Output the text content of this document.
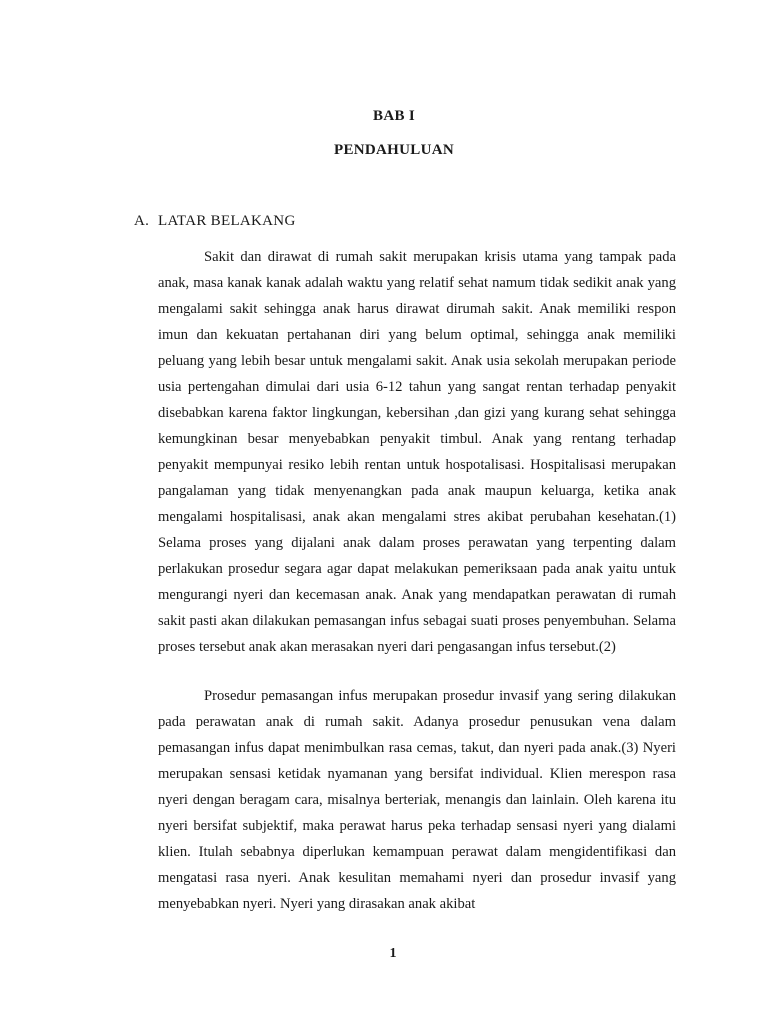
BAB I
PENDAHULUAN
A. LATAR BELAKANG

Sakit dan dirawat di rumah sakit merupakan krisis utama yang tampak pada anak, masa kanak kanak adalah waktu yang relatif sehat namum tidak sedikit anak yang mengalami sakit sehingga anak harus dirawat dirumah sakit. Anak memiliki respon imun dan kekuatan pertahanan diri yang belum optimal, sehingga anak memiliki peluang yang lebih besar untuk mengalami sakit. Anak usia sekolah merupakan periode usia pertengahan dimulai dari usia 6-12 tahun yang sangat rentan terhadap penyakit disebabkan karena faktor lingkungan, kebersihan ,dan gizi yang kurang sehat sehingga kemungkinan besar menyebabkan penyakit timbul. Anak yang rentang terhadap penyakit mempunyai resiko lebih rentan untuk hospotalisasi. Hospitalisasi merupakan pangalaman yang tidak menyenangkan pada anak maupun keluarga, ketika anak mengalami hospitalisasi, anak akan mengalami stres akibat perubahan kesehatan.(1) Selama proses yang dijalani anak dalam proses perawatan yang terpenting dalam perlakukan prosedur segara agar dapat melakukan pemeriksaan pada anak yaitu untuk mengurangi nyeri dan kecemasan anak. Anak yang mendapatkan perawatan di rumah sakit pasti akan dilakukan pemasangan infus sebagai suati proses penyembuhan. Selama proses tersebut anak akan merasakan nyeri dari pengasangan infus tersebut.(2)

Prosedur pemasangan infus merupakan prosedur invasif yang sering dilakukan pada perawatan anak di rumah sakit. Adanya prosedur penusukan vena dalam pemasangan infus dapat menimbulkan rasa cemas, takut, dan nyeri pada anak.(3) Nyeri merupakan sensasi ketidak nyamanan yang bersifat individual. Klien merespon rasa nyeri dengan beragam cara, misalnya berteriak, menangis dan lainlain. Oleh karena itu nyeri bersifat subjektif, maka perawat harus peka terhadap sensasi nyeri yang dialami klien. Itulah sebabnya diperlukan kemampuan perawat dalam mengidentifikasi dan mengatasi rasa nyeri. Anak kesulitan memahami nyeri dan prosedur invasif yang menyebabkan nyeri. Nyeri yang dirasakan anak akibat

1
